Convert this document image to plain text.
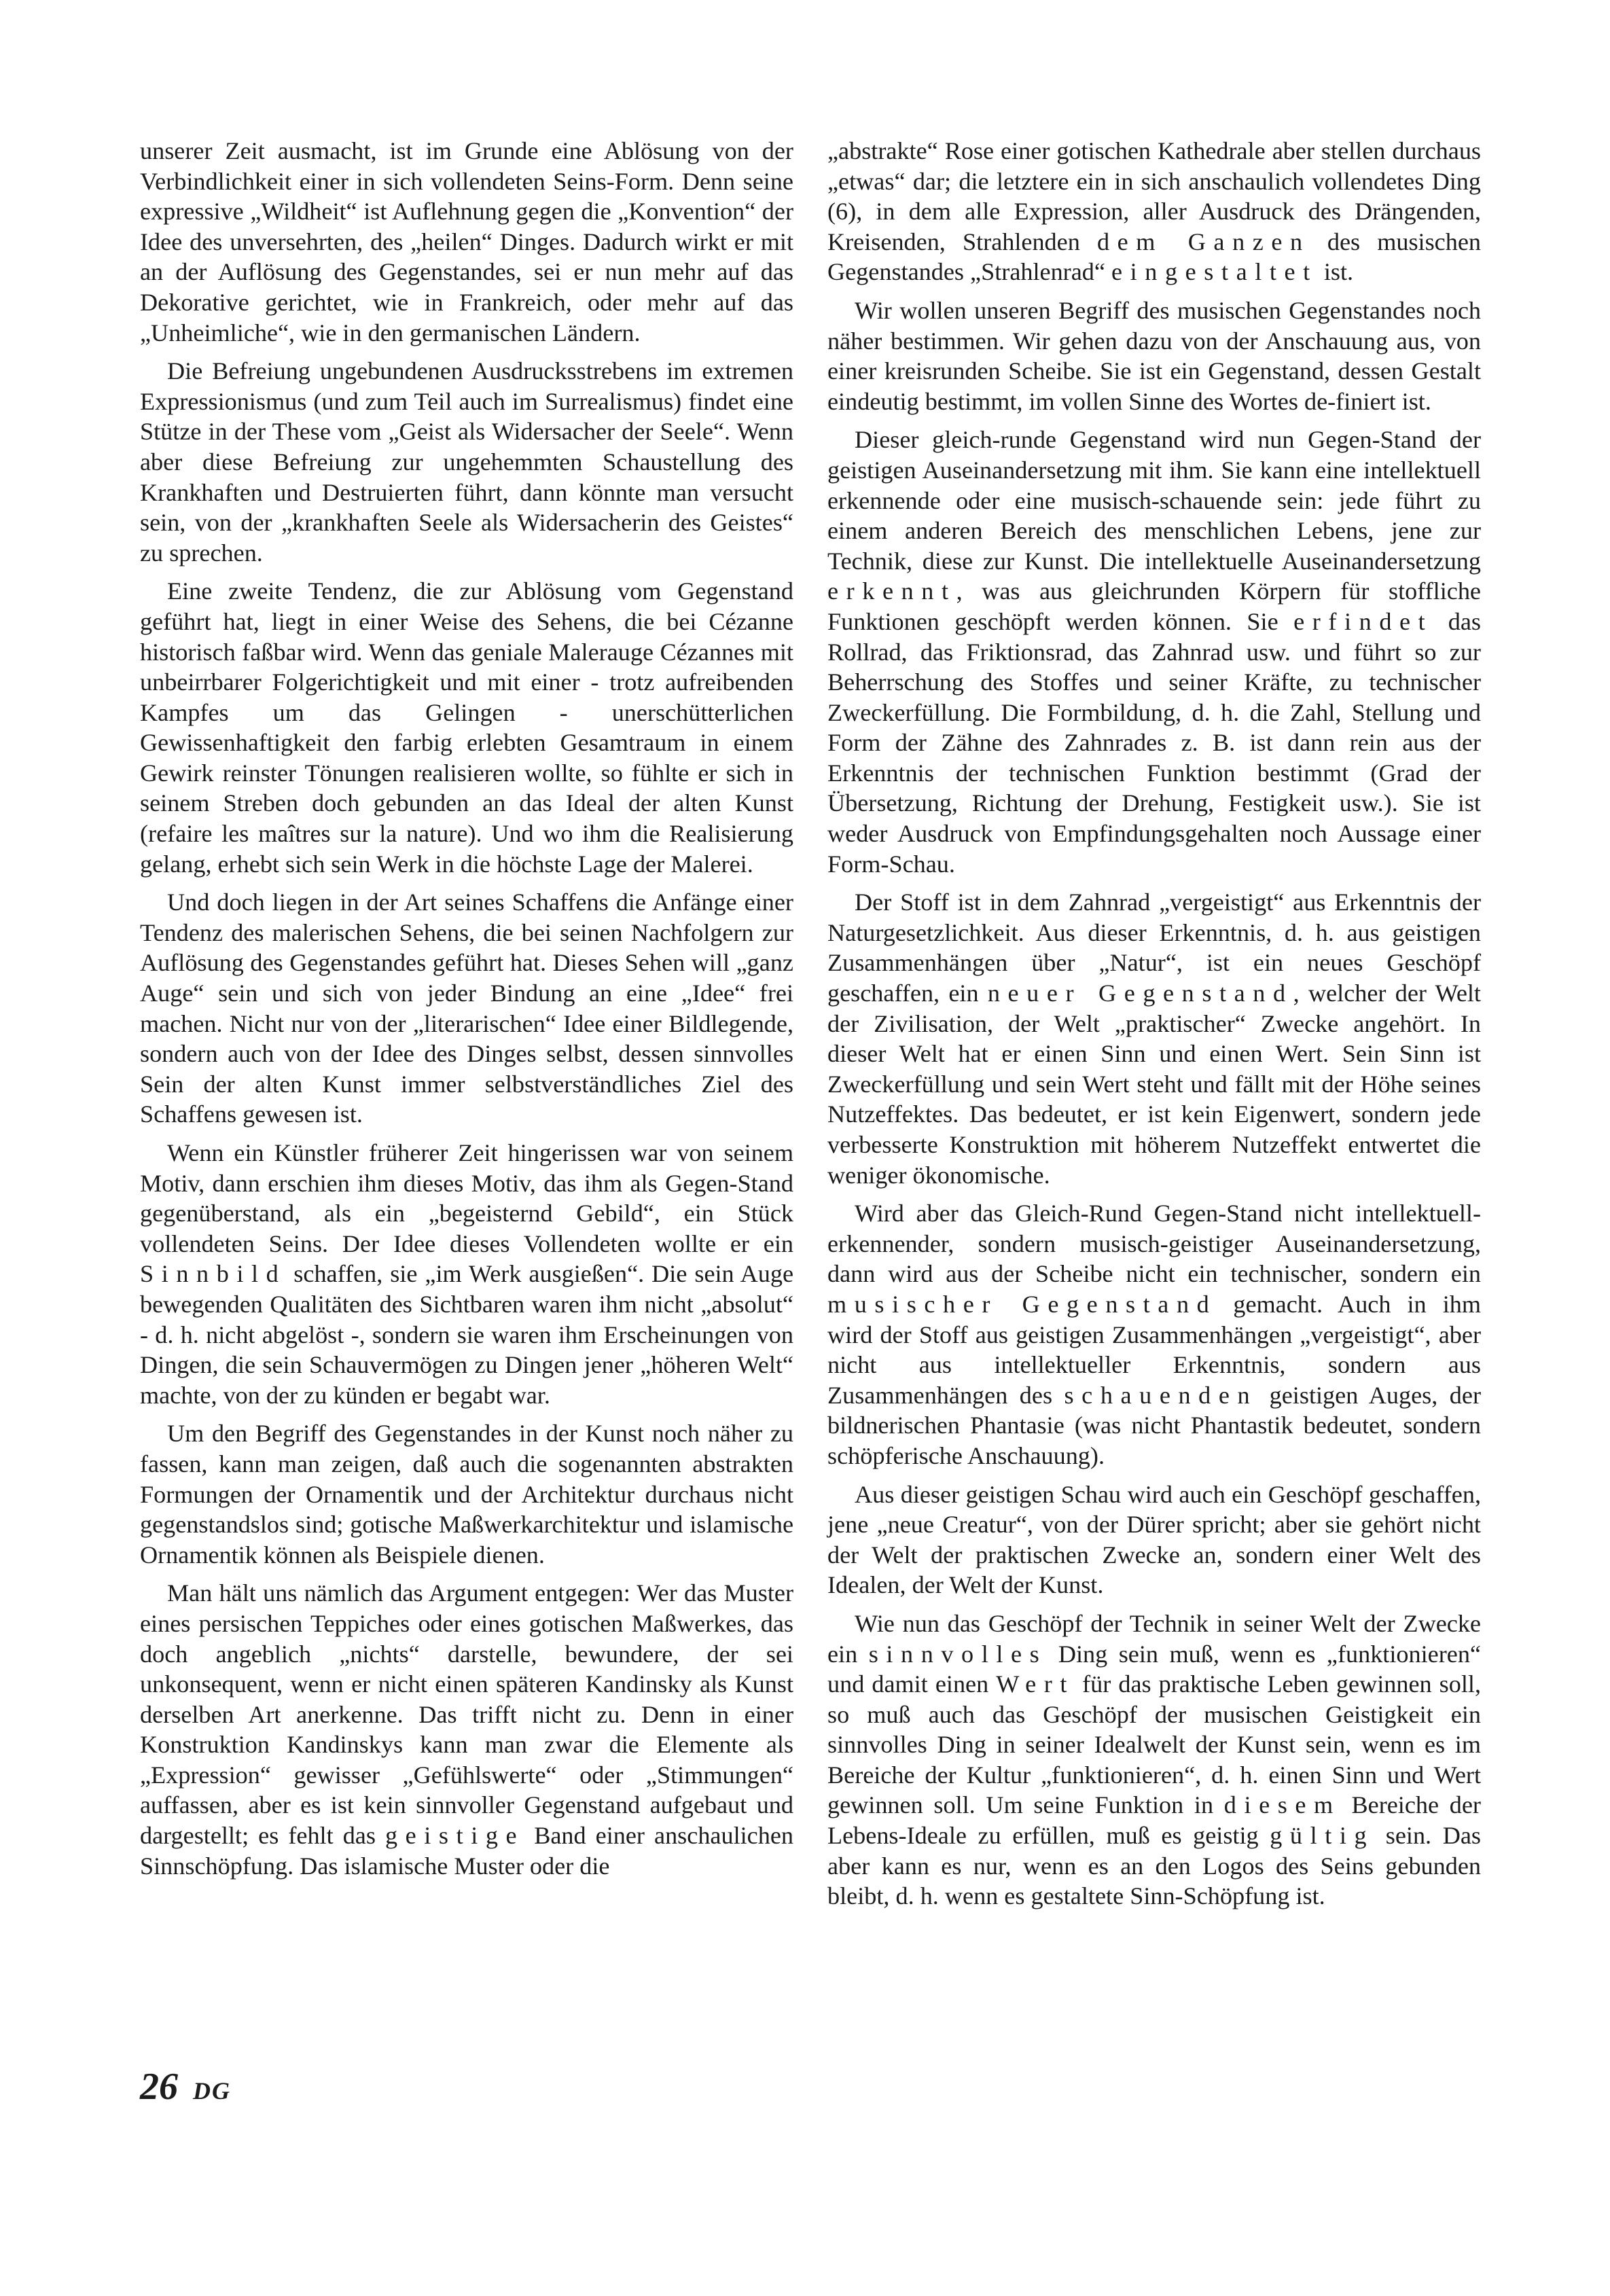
unserer Zeit ausmacht, ist im Grunde eine Ablösung von der Verbindlichkeit einer in sich vollendeten Seins-Form. Denn seine expressive „Wildheit“ ist Auflehnung gegen die „Konvention“ der Idee des unversehrten, des „heilen“ Dinges. Dadurch wirkt er mit an der Auflösung des Gegenstandes, sei er nun mehr auf das Dekorative gerichtet, wie in Frankreich, oder mehr auf das „Unheimliche“, wie in den germanischen Ländern.

Die Befreiung ungebundenen Ausdrucksstrebens im extremen Expressionismus (und zum Teil auch im Surrealismus) findet eine Stütze in der These vom „Geist als Widersacher der Seele“. Wenn aber diese Befreiung zur ungehemmten Schaustellung des Krankhaften und Destruierten führt, dann könnte man versucht sein, von der „krankhaften Seele als Widersacherin des Geistes“ zu sprechen.

Eine zweite Tendenz, die zur Ablösung vom Gegenstand geführt hat, liegt in einer Weise des Sehens, die bei Cézanne historisch faßbar wird. Wenn das geniale Malerauge Cézannes mit unbeirrbarer Folgerichtigkeit und mit einer - trotz aufreibenden Kampfes um das Gelingen - unerschütterlichen Gewissenhaftigkeit den farbig erlebten Gesamtraum in einem Gewirk reinster Tönungen realisieren wollte, so fühlte er sich in seinem Streben doch gebunden an das Ideal der alten Kunst (refaire les maîtres sur la nature). Und wo ihm die Realisierung gelang, erhebt sich sein Werk in die höchste Lage der Malerei.

Und doch liegen in der Art seines Schaffens die Anfänge einer Tendenz des malerischen Sehens, die bei seinen Nachfolgern zur Auflösung des Gegenstandes geführt hat. Dieses Sehen will „ganz Auge“ sein und sich von jeder Bindung an eine „Idee“ frei machen. Nicht nur von der „literarischen“ Idee einer Bildlegende, sondern auch von der Idee des Dinges selbst, dessen sinnvolles Sein der alten Kunst immer selbstverständliches Ziel des Schaffens gewesen ist.

Wenn ein Künstler früherer Zeit hingerissen war von seinem Motiv, dann erschien ihm dieses Motiv, das ihm als Gegen-Stand gegenüberstand, als ein „begeisternd Gebild“, ein Stück vollendeten Seins. Der Idee dieses Vollendeten wollte er ein Sinnbild schaffen, sie „im Werk ausgießen“. Die sein Auge bewegenden Qualitäten des Sichtbaren waren ihm nicht „absolut“ - d. h. nicht abgelöst -, sondern sie waren ihm Erscheinungen von Dingen, die sein Schauvermögen zu Dingen jener „höheren Welt“ machte, von der zu künden er begabt war.

Um den Begriff des Gegenstandes in der Kunst noch näher zu fassen, kann man zeigen, daß auch die sogenannten abstrakten Formungen der Ornamentik und der Architektur durchaus nicht gegenstandslos sind; gotische Maßwerkarchitektur und islamische Ornamentik können als Beispiele dienen.

Man hält uns nämlich das Argument entgegen: Wer das Muster eines persischen Teppiches oder eines gotischen Maßwerkes, das doch angeblich „nichts“ darstelle, bewundere, der sei unkonsequent, wenn er nicht einen späteren Kandinsky als Kunst derselben Art anerkenne. Das trifft nicht zu. Denn in einer Konstruktion Kandinskys kann man zwar die Elemente als „Expression“ gewisser „Gefühlswerte“ oder „Stimmungen“ auffassen, aber es ist kein sinnvoller Gegenstand aufgebaut und dargestellt; es fehlt das geistige Band einer anschaulichen Sinnschöpfung. Das islamische Muster oder die

„abstrakte“ Rose einer gotischen Kathedrale aber stellen durchaus „etwas“ dar; die letztere ein in sich anschaulich vollendetes Ding (6), in dem alle Expression, aller Ausdruck des Drängenden, Kreisenden, Strahlenden dem Ganzen des musischen Gegenstandes „Strahlenrad“ eingestaltet ist.

Wir wollen unseren Begriff des musischen Gegenstandes noch näher bestimmen. Wir gehen dazu von der Anschauung aus, von einer kreisrunden Scheibe. Sie ist ein Gegenstand, dessen Gestalt eindeutig bestimmt, im vollen Sinne des Wortes de-finiert ist.

Dieser gleich-runde Gegenstand wird nun Gegen-Stand der geistigen Auseinandersetzung mit ihm. Sie kann eine intellektuell erkennende oder eine musisch-schauende sein: jede führt zu einem anderen Bereich des menschlichen Lebens, jene zur Technik, diese zur Kunst. Die intellektuelle Auseinandersetzung erkennt, was aus gleichrunden Körpern für stoffliche Funktionen geschöpft werden können. Sie erfindet das Rollrad, das Friktionsrad, das Zahnrad usw. und führt so zur Beherrschung des Stoffes und seiner Kräfte, zu technischer Zweckerfüllung. Die Formbildung, d. h. die Zahl, Stellung und Form der Zähne des Zahnrades z. B. ist dann rein aus der Erkenntnis der technischen Funktion bestimmt (Grad der Übersetzung, Richtung der Drehung, Festigkeit usw.). Sie ist weder Ausdruck von Empfindungsgehalten noch Aussage einer Form-Schau.

Der Stoff ist in dem Zahnrad „vergeistigt“ aus Erkenntnis der Naturgesetzlichkeit. Aus dieser Erkenntnis, d. h. aus geistigen Zusammenhängen über „Natur“, ist ein neues Geschöpf geschaffen, ein neuer Gegenstand, welcher der Welt der Zivilisation, der Welt „praktischer“ Zwecke angehört. In dieser Welt hat er einen Sinn und einen Wert. Sein Sinn ist Zweckerfüllung und sein Wert steht und fällt mit der Höhe seines Nutzeffektes. Das bedeutet, er ist kein Eigenwert, sondern jede verbesserte Konstruktion mit höherem Nutzeffekt entwertet die weniger ökonomische.

Wird aber das Gleich-Rund Gegen-Stand nicht intellektuell-erkennender, sondern musisch-geistiger Auseinandersetzung, dann wird aus der Scheibe nicht ein technischer, sondern ein musischer Gegenstand gemacht. Auch in ihm wird der Stoff aus geistigen Zusammenhängen „vergeistigt“, aber nicht aus intellektueller Erkenntnis, sondern aus Zusammenhängen des schauenden geistigen Auges, der bildnerischen Phantasie (was nicht Phantastik bedeutet, sondern schöpferische Anschauung).

Aus dieser geistigen Schau wird auch ein Geschöpf geschaffen, jene „neue Creatur“, von der Dürer spricht; aber sie gehört nicht der Welt der praktischen Zwecke an, sondern einer Welt des Idealen, der Welt der Kunst.

Wie nun das Geschöpf der Technik in seiner Welt der Zwecke ein sinnvolles Ding sein muß, wenn es „funktionieren“ und damit einen Wert für das praktische Leben gewinnen soll, so muß auch das Geschöpf der musischen Geistigkeit ein sinnvolles Ding in seiner Idealwelt der Kunst sein, wenn es im Bereiche der Kultur „funktionieren“, d. h. einen Sinn und Wert gewinnen soll. Um seine Funktion in diesem Bereiche der Lebens-Ideale zu erfüllen, muß es geistig gültig sein. Das aber kann es nur, wenn es an den Logos des Seins gebunden bleibt, d. h. wenn es gestaltete Sinn-Schöpfung ist.

26 DG
